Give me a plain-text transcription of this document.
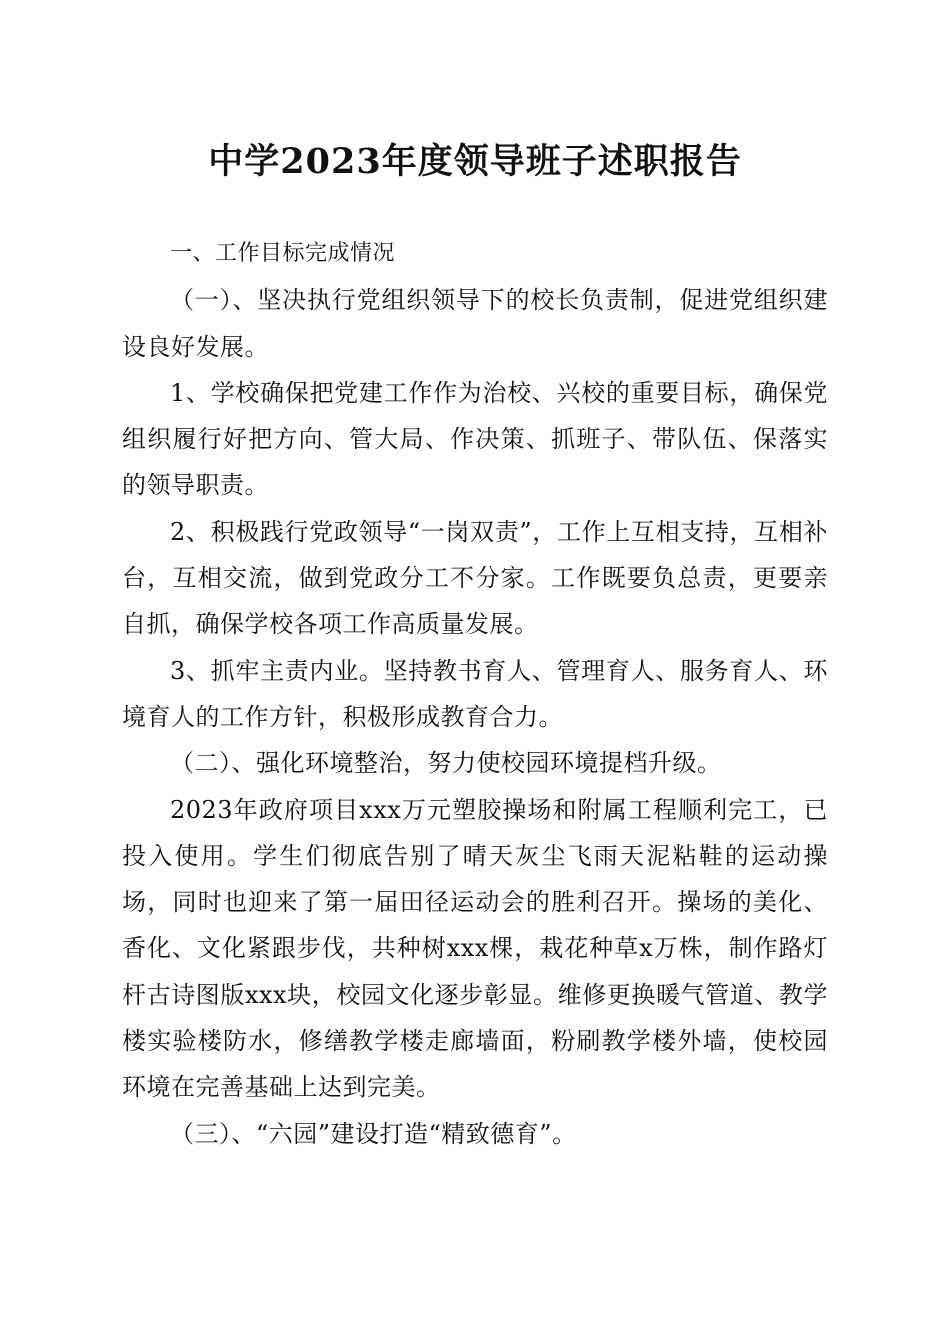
中学2023年度领导班子述职报告

一、工作目标完成情况

（一）、坚决执行党组织领导下的校长负责制，促进党组织建设良好发展。

1、学校确保把党建工作作为治校、兴校的重要目标，确保党组织履行好把方向、管大局、作决策、抓班子、带队伍、保落实的领导职责。

2、积极践行党政领导“一岗双责”，工作上互相支持，互相补台，互相交流，做到党政分工不分家。工作既要负总责，更要亲自抓，确保学校各项工作高质量发展。

3、抓牢主责内业。坚持教书育人、管理育人、服务育人、环境育人的工作方针，积极形成教育合力。

（二）、强化环境整治，努力使校园环境提档升级。

2023年政府项目xxx万元塑胶操场和附属工程顺利完工，已投入使用。学生们彻底告别了晴天灰尘飞雨天泥粘鞋的运动操场，同时也迎来了第一届田径运动会的胜利召开。操场的美化、香化、文化紧跟步伐，共种树xxx棵，栽花种草x万株，制作路灯杆古诗图版xxx块，校园文化逐步彰显。维修更换暖气管道、教学楼实验楼防水，修缮教学楼走廊墙面，粉刷教学楼外墙，使校园环境在完善基础上达到完美。

（三）、“六园”建设打造“精致德育”。
